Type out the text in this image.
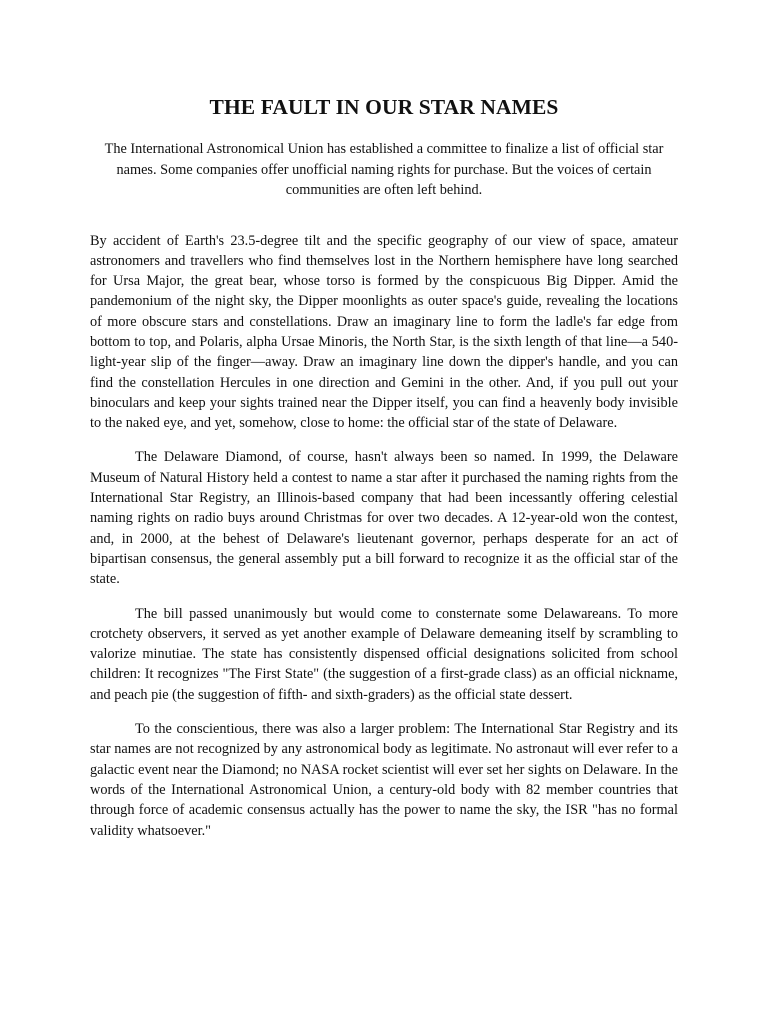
THE FAULT IN OUR STAR NAMES

The International Astronomical Union has established a committee to finalize a list of official star names. Some companies offer unofficial naming rights for purchase. But the voices of certain communities are often left behind.

By accident of Earth's 23.5-degree tilt and the specific geography of our view of space, amateur astronomers and travellers who find themselves lost in the Northern hemisphere have long searched for Ursa Major, the great bear, whose torso is formed by the conspicuous Big Dipper. Amid the pandemonium of the night sky, the Dipper moonlights as outer space's guide, revealing the locations of more obscure stars and constellations. Draw an imaginary line to form the ladle's far edge from bottom to top, and Polaris, alpha Ursae Minoris, the North Star, is the sixth length of that line—a 540-light-year slip of the finger—away. Draw an imaginary line down the dipper's handle, and you can find the constellation Hercules in one direction and Gemini in the other. And, if you pull out your binoculars and keep your sights trained near the Dipper itself, you can find a heavenly body invisible to the naked eye, and yet, somehow, close to home: the official star of the state of Delaware.

The Delaware Diamond, of course, hasn't always been so named. In 1999, the Delaware Museum of Natural History held a contest to name a star after it purchased the naming rights from the International Star Registry, an Illinois-based company that had been incessantly offering celestial naming rights on radio buys around Christmas for over two decades. A 12-year-old won the contest, and, in 2000, at the behest of Delaware's lieutenant governor, perhaps desperate for an act of bipartisan consensus, the general assembly put a bill forward to recognize it as the official star of the state.

The bill passed unanimously but would come to consternate some Delawareans. To more crotchety observers, it served as yet another example of Delaware demeaning itself by scrambling to valorize minutiae. The state has consistently dispensed official designations solicited from school children: It recognizes "The First State" (the suggestion of a first-grade class) as an official nickname, and peach pie (the suggestion of fifth- and sixth-graders) as the official state dessert.

To the conscientious, there was also a larger problem: The International Star Registry and its star names are not recognized by any astronomical body as legitimate. No astronaut will ever refer to a galactic event near the Diamond; no NASA rocket scientist will ever set her sights on Delaware. In the words of the International Astronomical Union, a century-old body with 82 member countries that through force of academic consensus actually has the power to name the sky, the ISR "has no formal validity whatsoever."
